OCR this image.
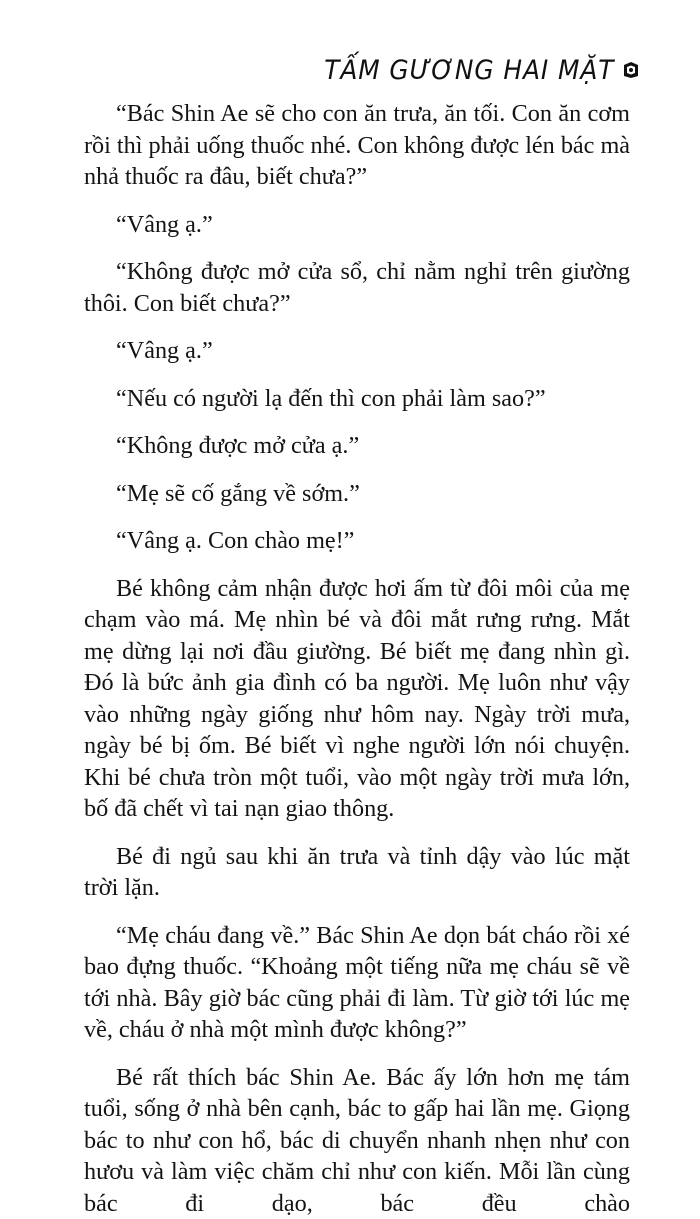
TẤM GƯƠNG HAI MẶT

“Bác Shin Ae sẽ cho con ăn trưa, ăn tối. Con ăn cơm rồi thì phải uống thuốc nhé. Con không được lén bác mà nhả thuốc ra đâu, biết chưa?”

“Vâng ạ.”

“Không được mở cửa sổ, chỉ nằm nghỉ trên giường thôi. Con biết chưa?”

“Vâng ạ.”

“Nếu có người lạ đến thì con phải làm sao?”

“Không được mở cửa ạ.”

“Mẹ sẽ cố gắng về sớm.”

“Vâng ạ. Con chào mẹ!”

Bé không cảm nhận được hơi ấm từ đôi môi của mẹ chạm vào má. Mẹ nhìn bé và đôi mắt rưng rưng. Mắt mẹ dừng lại nơi đầu giường. Bé biết mẹ đang nhìn gì. Đó là bức ảnh gia đình có ba người. Mẹ luôn như vậy vào những ngày giống như hôm nay. Ngày trời mưa, ngày bé bị ốm. Bé biết vì nghe người lớn nói chuyện. Khi bé chưa tròn một tuổi, vào một ngày trời mưa lớn, bố đã chết vì tai nạn giao thông.

Bé đi ngủ sau khi ăn trưa và tỉnh dậy vào lúc mặt trời lặn.

“Mẹ cháu đang về.” Bác Shin Ae dọn bát cháo rồi xé bao đựng thuốc. “Khoảng một tiếng nữa mẹ cháu sẽ về tới nhà. Bây giờ bác cũng phải đi làm. Từ giờ tới lúc mẹ về, cháu ở nhà một mình được không?”

Bé rất thích bác Shin Ae. Bác ấy lớn hơn mẹ tám tuổi, sống ở nhà bên cạnh, bác to gấp hai lần mẹ. Giọng bác to như con hổ, bác di chuyển nhanh nhẹn như con hươu và làm việc chăm chỉ như con kiến. Mỗi lần cùng bác đi dạo, bác đều chào
